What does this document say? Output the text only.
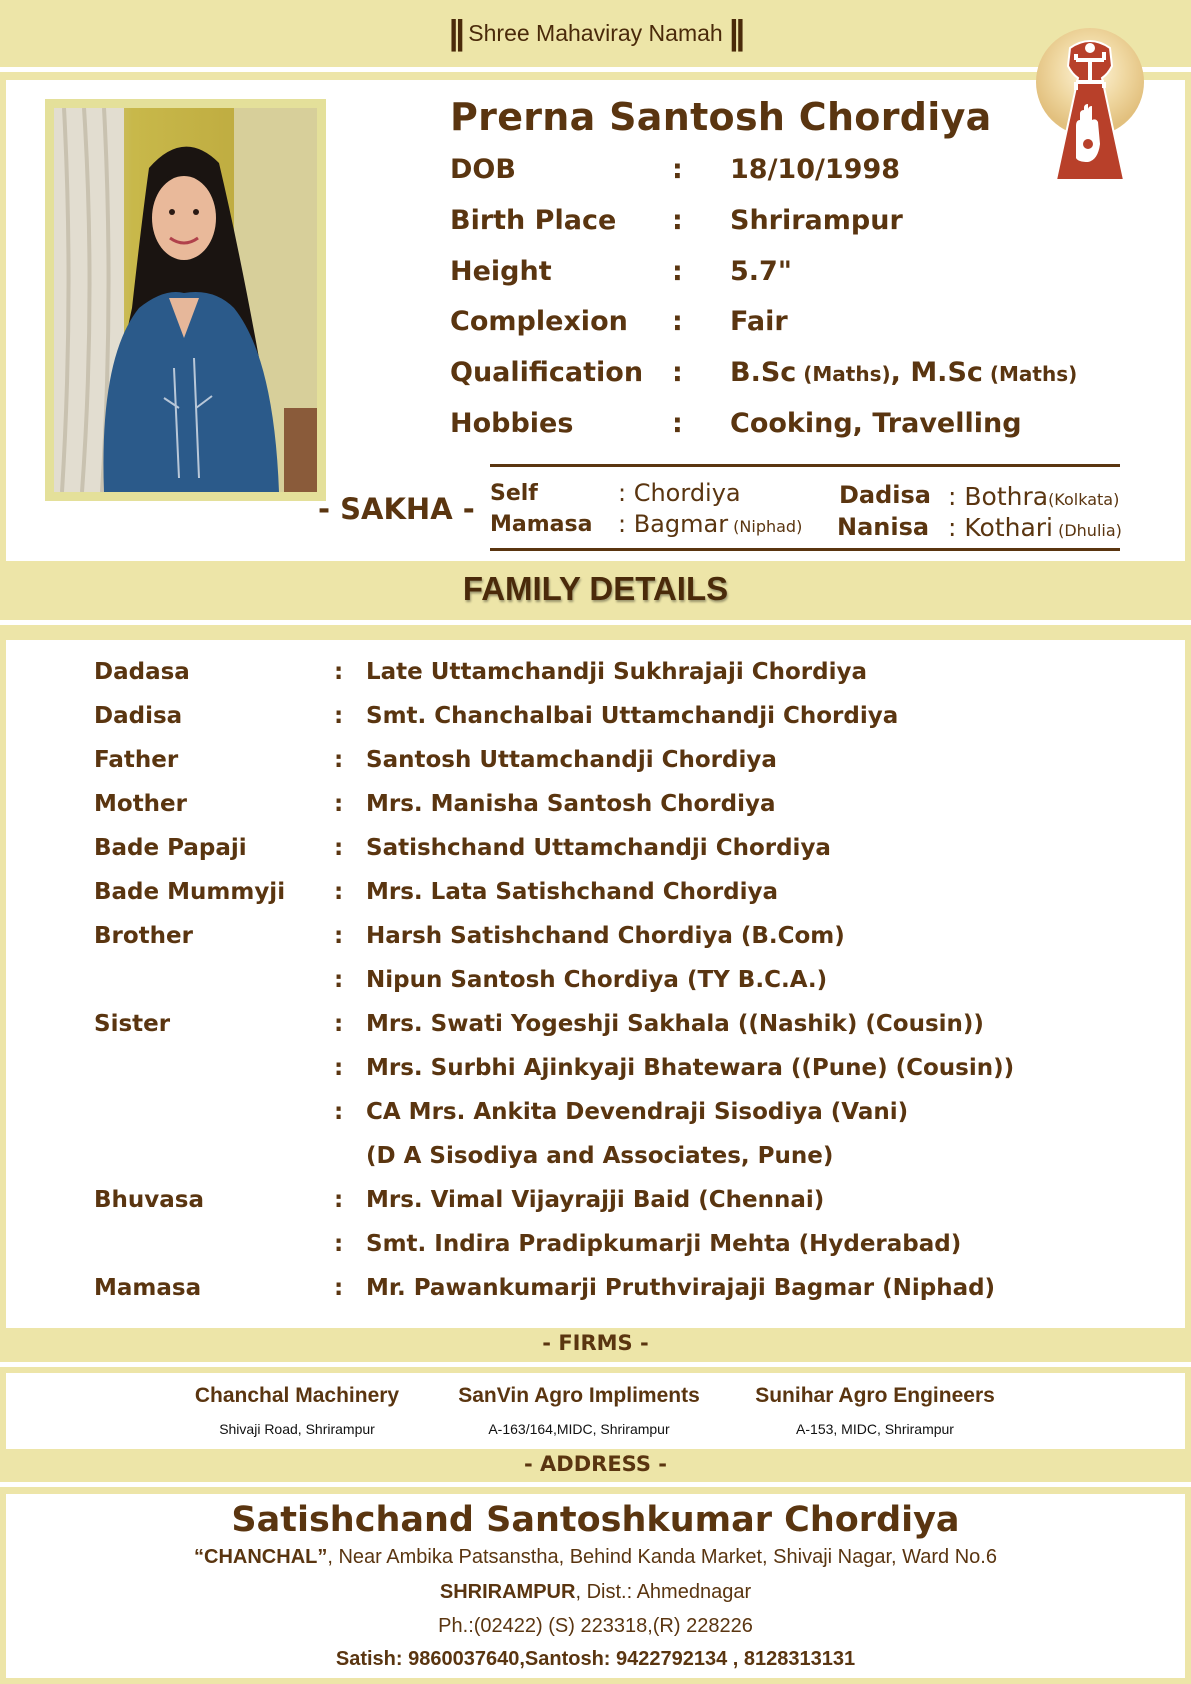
|| Shree Mahaviray Namah ||
Prerna Santosh Chordiya
DOB	: 18/10/1998
Birth Place : Shrirampur
Height	: 5.7"
Complexion : Fair
Qualification : B.Sc (Maths), M.Sc (Maths)
Hobbies	: Cooking, Travelling
- SAKHA - Self	: Chordiya
Mamasa : Bagmar (Niphad)
Dadisa : Bothra(Kolkata)
Nanisa : Kothari (Dhulia)
FAMILY DETAILS
Dadasa	: Late Uttamchandji Sukhrajaji Chordiya
Dadisa	: Smt. Chanchalbai Uttamchandji Chordiya
Father	: Santosh Uttamchandji Chordiya
Mother	: Mrs. Manisha Santosh Chordiya
Bade Papaji	: Satishchand Uttamchandji Chordiya
Bade Mummyji : Mrs. Lata Satishchand Chordiya
Brother	: Harsh Satishchand Chordiya (B.Com)
: Nipun Santosh Chordiya (TY B.C.A.)
Sister	: Mrs. Swati Yogeshji Sakhala ((Nashik) (Cousin))
: Mrs. Surbhi Ajinkyaji Bhatewara ((Pune) (Cousin))
: CA Mrs. Ankita Devendraji Sisodiya (Vani)
(D A Sisodiya and Associates, Pune)
Bhuvasa	: Mrs. Vimal Vijayrajji Baid (Chennai)
: Smt. Indira Pradipkumarji Mehta (Hyderabad)
Mamasa	: Mr. Pawankumarji Pruthvirajaji Bagmar (Niphad)
- FIRMS -
Chanchal Machinery
Shivaji Road, Shrirampur
SanVin Agro Impliments
A-163/164,MIDC, Shrirampur
Sunihar Agro Engineers
A-153, MIDC, Shrirampur
- ADDRESS -
Satishchand Santoshkumar Chordiya
“CHANCHAL”, Near Ambika Patsanstha, Behind Kanda Market, Shivaji Nagar, Ward No.6
SHRIRAMPUR, Dist.: Ahmednagar
Ph.:(02422) (S) 223318,(R) 228226
Satish: 9860037640,Santosh: 9422792134 , 8128313131
